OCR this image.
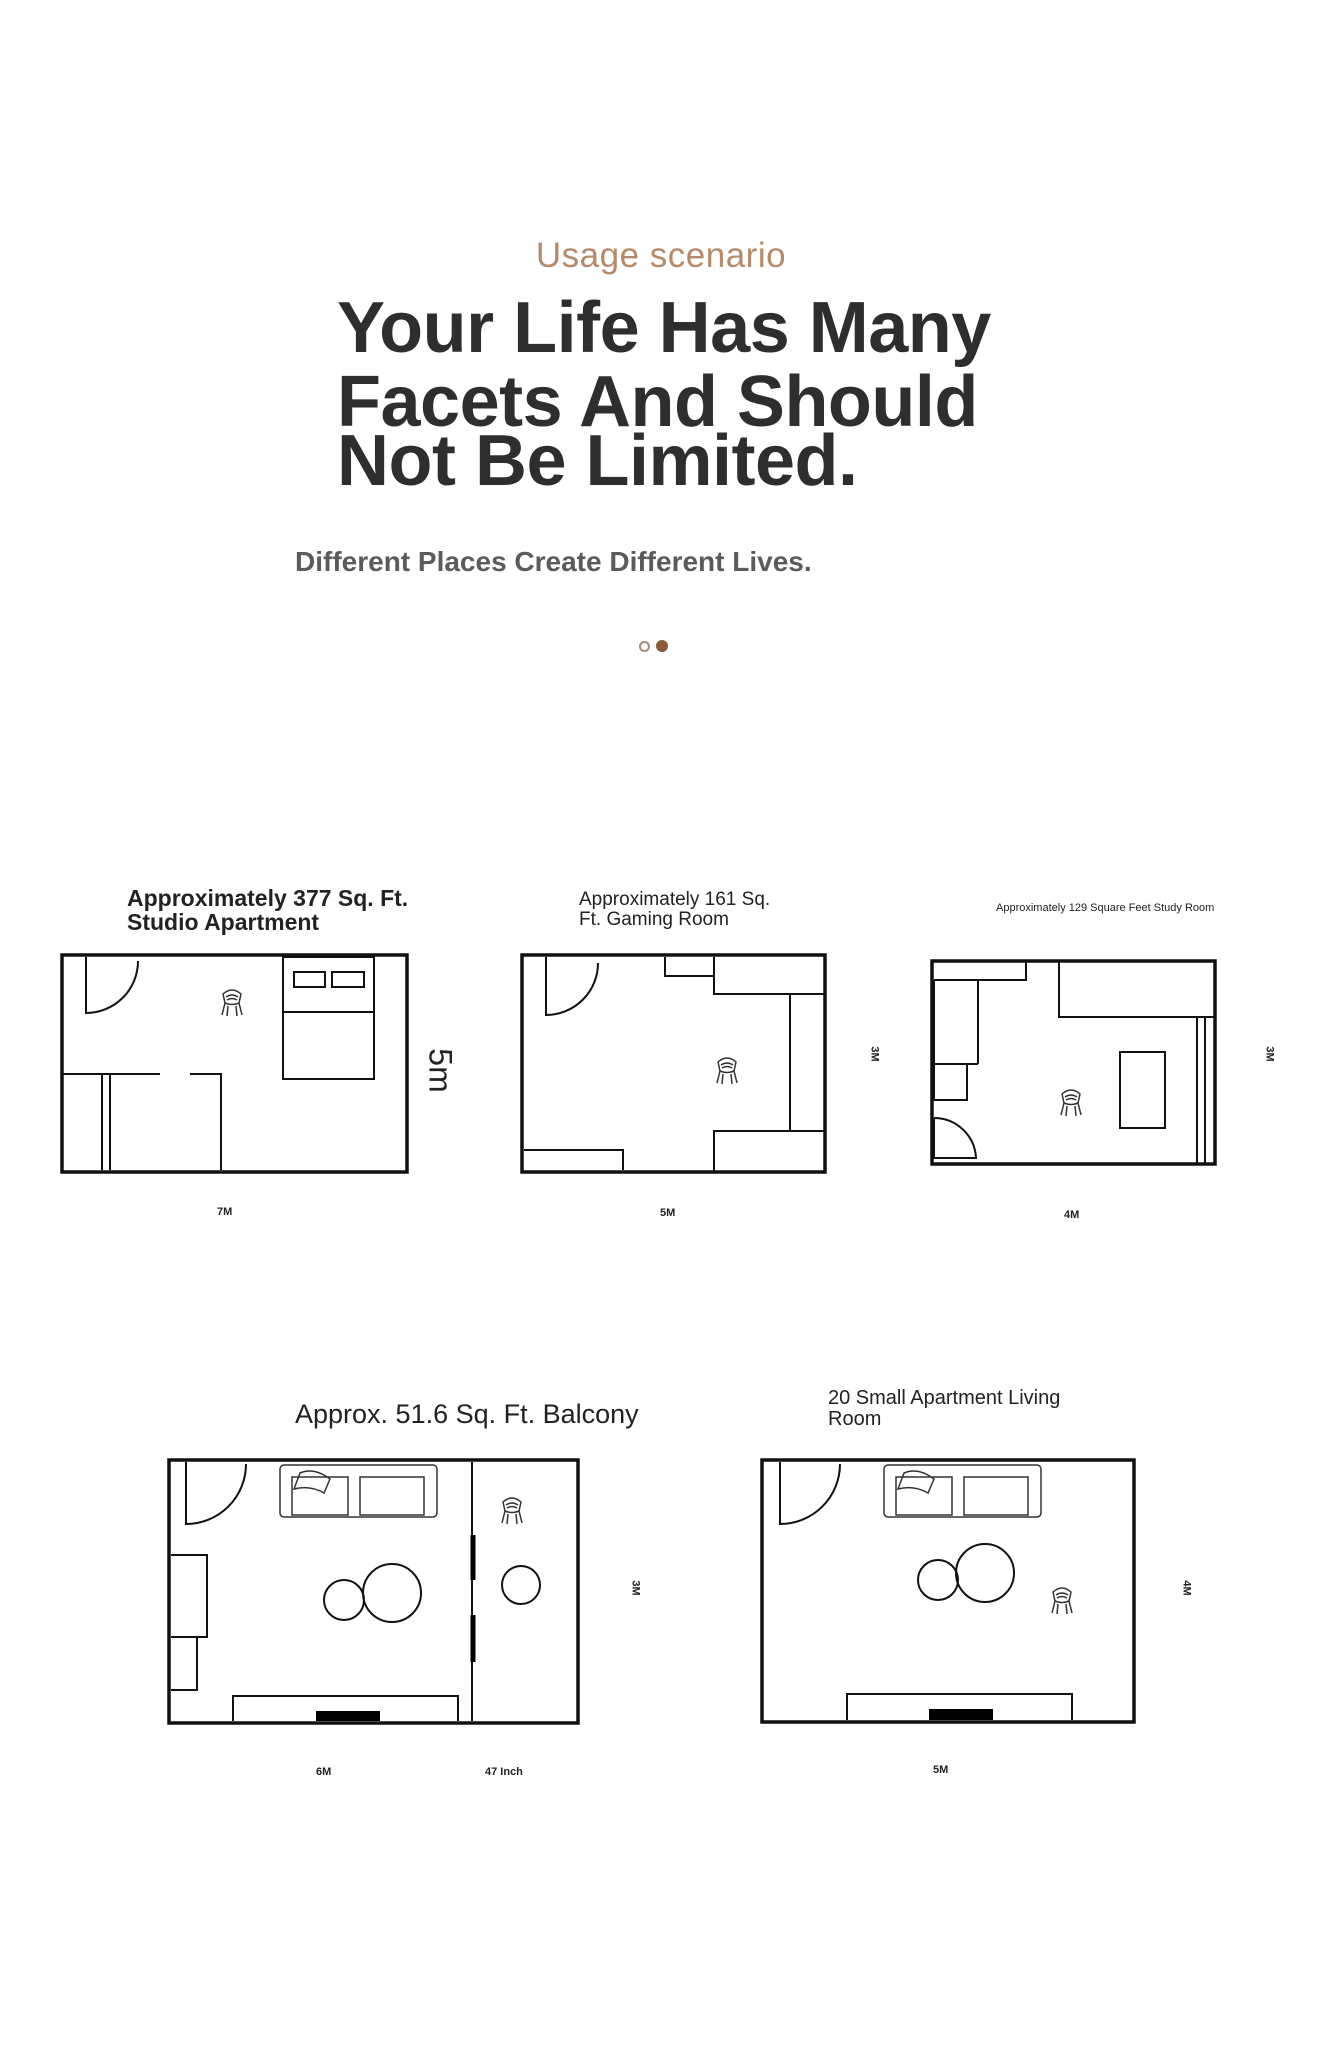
Usage scenario
Your Life Has Many
Facets And Should
Not Be Limited.
Different Places Create Different Lives.
Approximately 377 Sq. Ft.
Studio Apartment
Approximately 161 Sq.
Ft. Gaming Room
Approximately 129 Square Feet Study Room
Approx. 51.6 Sq. Ft. Balcony
20 Small Apartment Living
Room
7M
5m
5M
3M
4M
3M
6M	47 Inch
3M
5M
4M
